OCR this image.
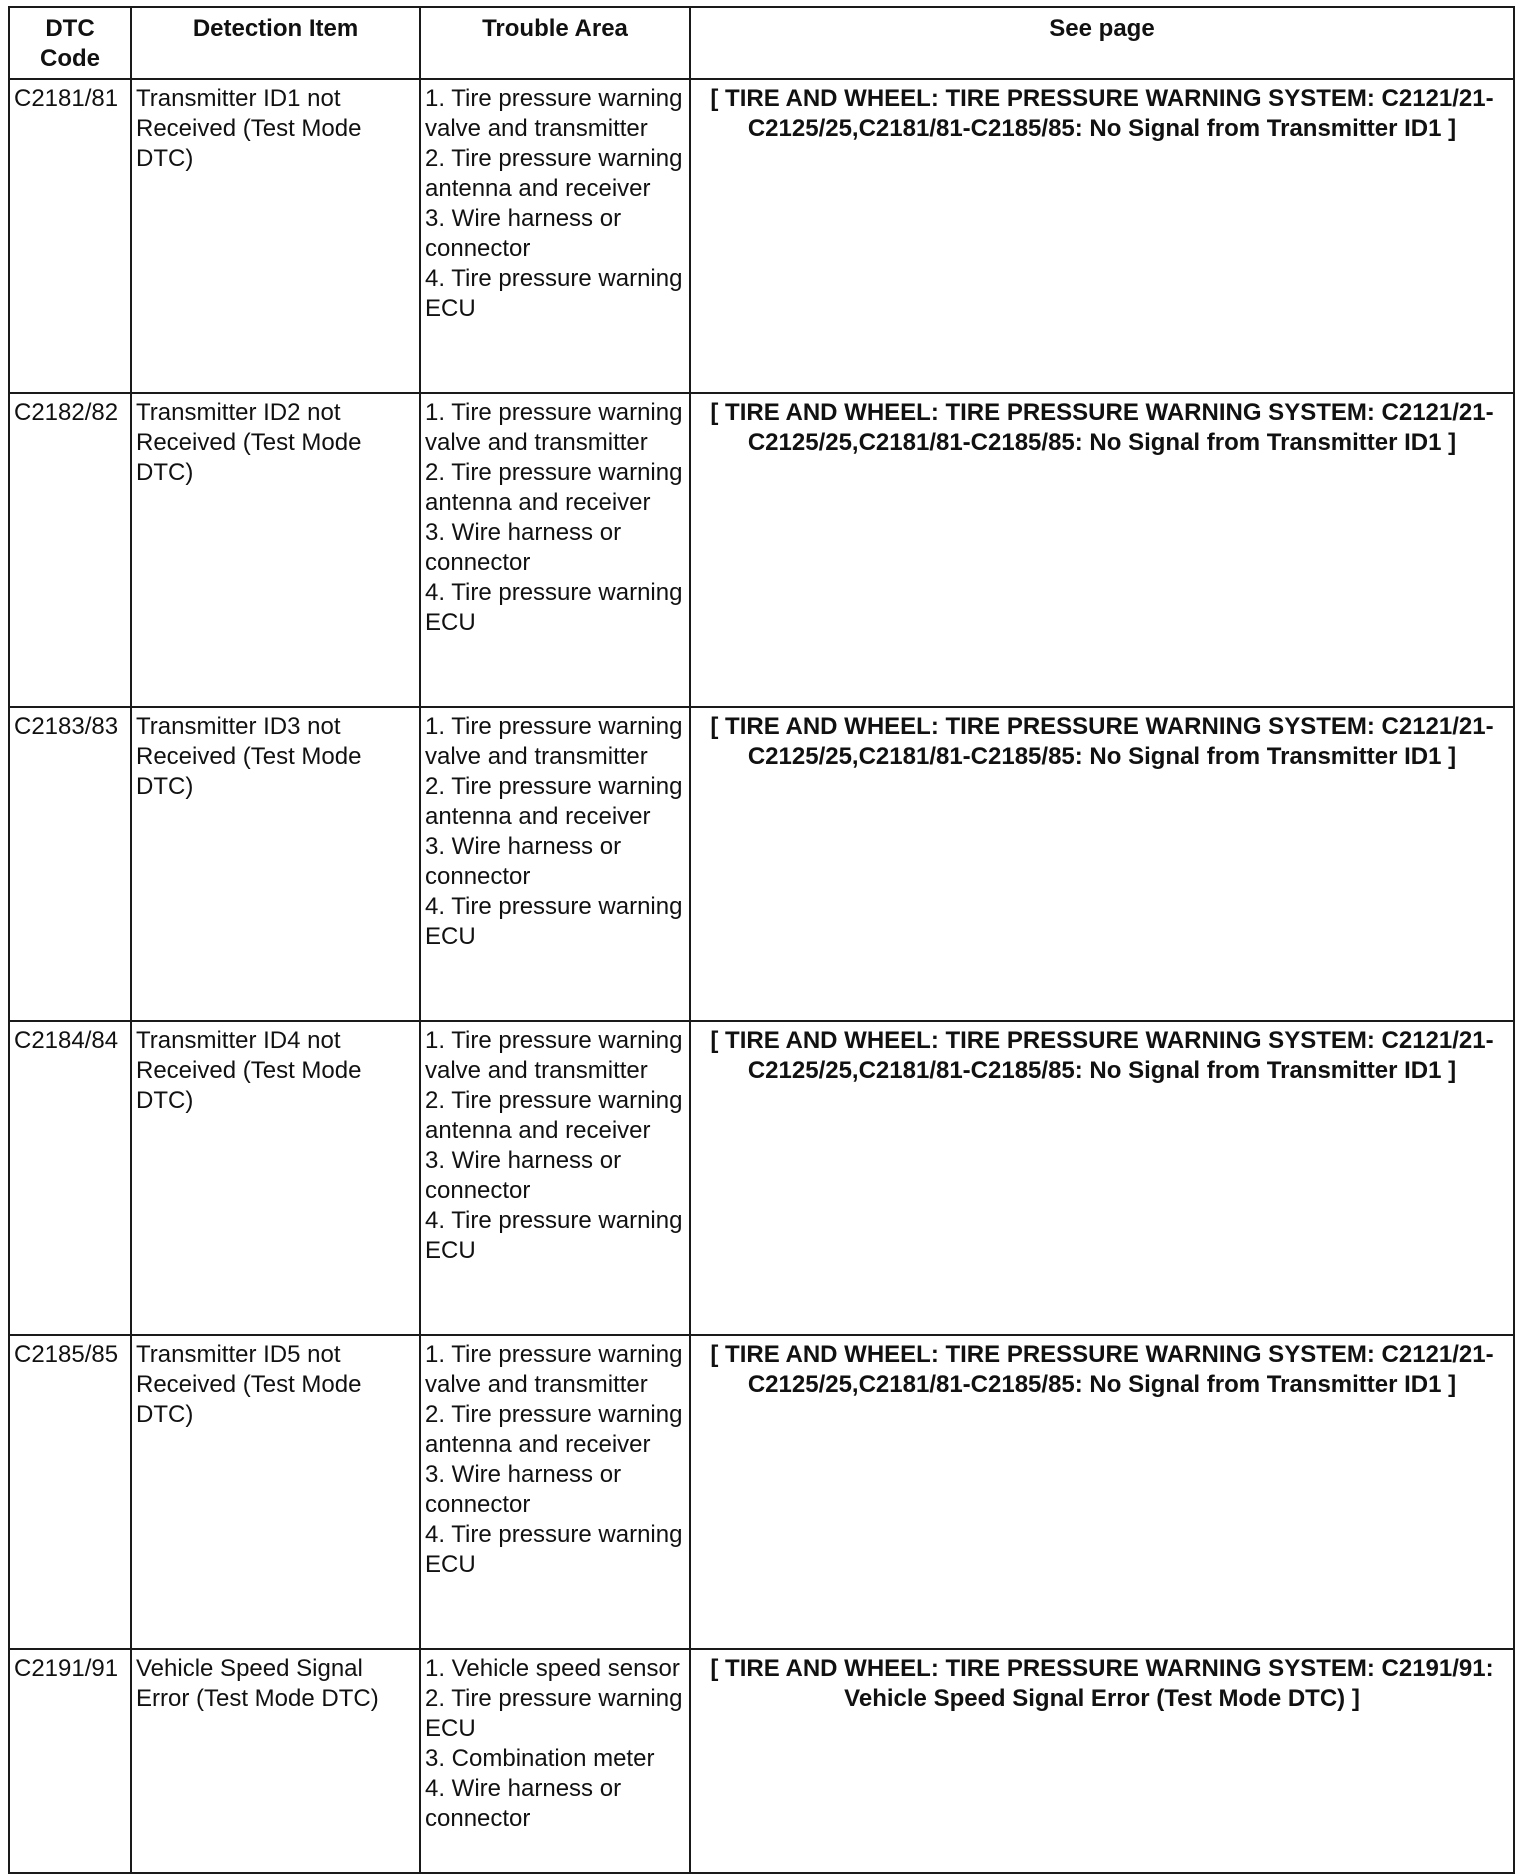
DTC Code	Detection Item	Trouble Area	See page
C2181/81	Transmitter ID1 not Received (Test Mode DTC)	1. Tire pressure warning valve and transmitter
2. Tire pressure warning antenna and receiver
3. Wire harness or connector
4. Tire pressure warning ECU	[ TIRE AND WHEEL: TIRE PRESSURE WARNING SYSTEM: C2121/21-C2125/25,C2181/81-C2185/85: No Signal from Transmitter ID1 ]
C2182/82	Transmitter ID2 not Received (Test Mode DTC)	1. Tire pressure warning valve and transmitter
2. Tire pressure warning antenna and receiver
3. Wire harness or connector
4. Tire pressure warning ECU	[ TIRE AND WHEEL: TIRE PRESSURE WARNING SYSTEM: C2121/21-C2125/25,C2181/81-C2185/85: No Signal from Transmitter ID1 ]
C2183/83	Transmitter ID3 not Received (Test Mode DTC)	1. Tire pressure warning valve and transmitter
2. Tire pressure warning antenna and receiver
3. Wire harness or connector
4. Tire pressure warning ECU	[ TIRE AND WHEEL: TIRE PRESSURE WARNING SYSTEM: C2121/21-C2125/25,C2181/81-C2185/85: No Signal from Transmitter ID1 ]
C2184/84	Transmitter ID4 not Received (Test Mode DTC)	1. Tire pressure warning valve and transmitter
2. Tire pressure warning antenna and receiver
3. Wire harness or connector
4. Tire pressure warning ECU	[ TIRE AND WHEEL: TIRE PRESSURE WARNING SYSTEM: C2121/21-C2125/25,C2181/81-C2185/85: No Signal from Transmitter ID1 ]
C2185/85	Transmitter ID5 not Received (Test Mode DTC)	1. Tire pressure warning valve and transmitter
2. Tire pressure warning antenna and receiver
3. Wire harness or connector
4. Tire pressure warning ECU	[ TIRE AND WHEEL: TIRE PRESSURE WARNING SYSTEM: C2121/21-C2125/25,C2181/81-C2185/85: No Signal from Transmitter ID1 ]
C2191/91	Vehicle Speed Signal Error (Test Mode DTC)	1. Vehicle speed sensor
2. Tire pressure warning ECU
3. Combination meter
4. Wire harness or connector	[ TIRE AND WHEEL: TIRE PRESSURE WARNING SYSTEM: C2191/91: Vehicle Speed Signal Error (Test Mode DTC) ]
